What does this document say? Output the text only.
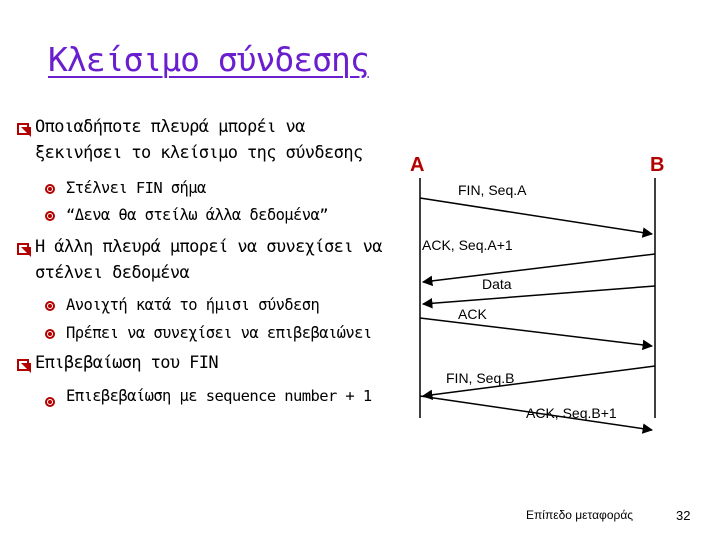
Κλείσιμο σύνδεσης
Οποιαδήποτε πλευρά μπορέι να
ξεκινήσει το κλείσιμο της σύνδεσης
Στέλνει FIN σήμα
“Δενα θα στείλω άλλα δεδομένα”
Η άλλη πλευρά μπορεί να συνεχίσει να
στέλνει δεδομένα
Ανοιχτή κατά το ήμισι σύνδεση
Πρέπει να συνεχίσει να επιβεβαιώνει
Επιβεβαίωση του FIN
Επιεβεβαίωση με sequence number + 1
A	B
FIN, Seq.A
ACK, Seq.A+1
Data
ACK
FIN, Seq.B
ACK, Seq.B+1
Επίπεδο μεταφοράς	32
